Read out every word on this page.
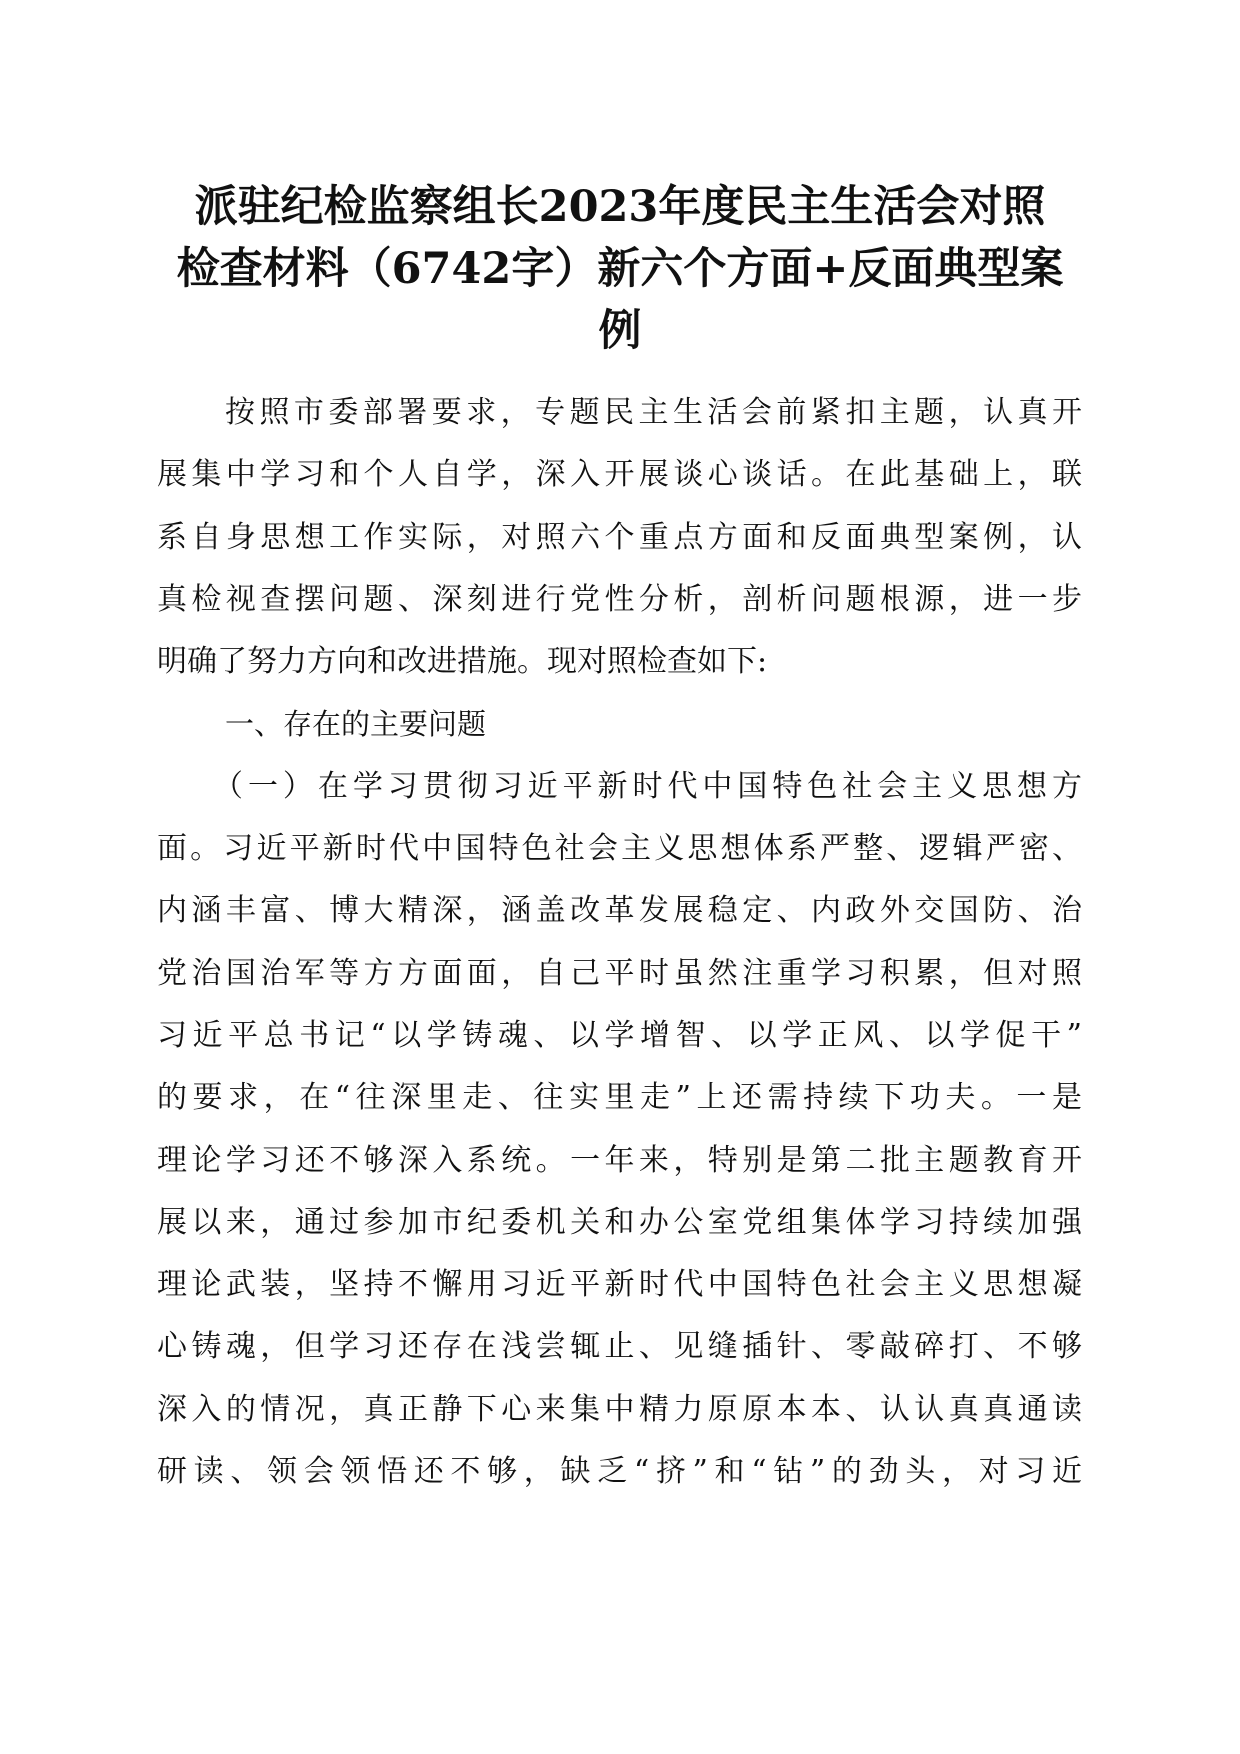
派驻纪检监察组长2023年度民主生活会对照
检查材料（6742字）新六个方面+反面典型案
例
按照市委部署要求，专题民主生活会前紧扣主题，认真开
展集中学习和个人自学，深入开展谈心谈话。在此基础上，联
系自身思想工作实际，对照六个重点方面和反面典型案例，认
真检视查摆问题、深刻进行党性分析，剖析问题根源，进一步
明确了努力方向和改进措施。现对照检查如下:
一、存在的主要问题
（一）在学习贯彻习近平新时代中国特色社会主义思想方
面。习近平新时代中国特色社会主义思想体系严整、逻辑严密、
内涵丰富、博大精深，涵盖改革发展稳定、内政外交国防、治
党治国治军等方方面面，自己平时虽然注重学习积累，但对照
习近平总书记“以学铸魂、以学增智、以学正风、以学促干”
的要求，在“往深里走、往实里走”上还需持续下功夫。一是
理论学习还不够深入系统。一年来，特别是第二批主题教育开
展以来，通过参加市纪委机关和办公室党组集体学习持续加强
理论武装，坚持不懈用习近平新时代中国特色社会主义思想凝
心铸魂，但学习还存在浅尝辄止、见缝插针、零敲碎打、不够
深入的情况，真正静下心来集中精力原原本本、认认真真通读
研读、领会领悟还不够，缺乏“挤”和“钻”的劲头，对习近
